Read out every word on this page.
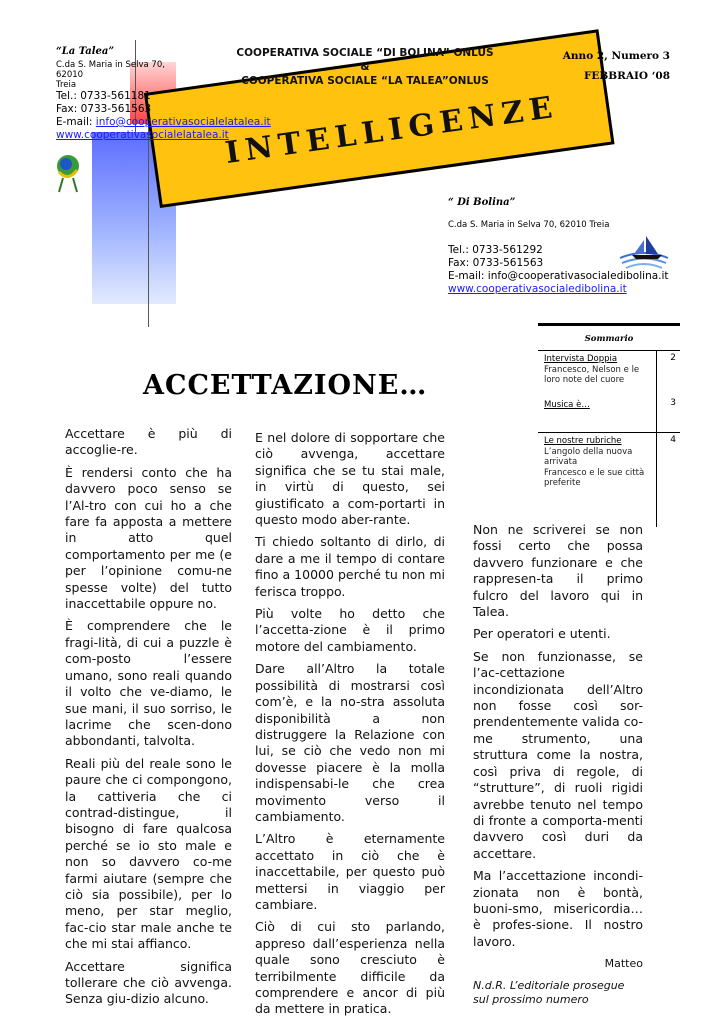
INTELLIGENZE
“La Talea”
C.da S. Maria in Selva 70, 62010
Treia
Tel.: 0733-561181
Fax: 0733-561563
E-mail: info@cooperativasocialelatalea.it
www.cooperativasocialelatalea.it
COOPERATIVA SOCIALE “DI BOLINA” ONLUS
&
COOPERATIVA SOCIALE “LA TALEA”ONLUS
Anno 2, Numero 3
FEBBRAIO ‘08
“ Di Bolina”
C.da S. Maria in Selva 70, 62010 Treia
Tel.: 0733-561292
Fax: 0733-561563
E-mail: info@cooperativasocialedibolina.it
www.cooperativasocialedibolina.it
Sommario
Intervista Doppia
Francesco, Nelson e le loro note del cuore
2
Musica è…	3
Le nostre rubriche
L’angolo della nuova arrivata
Francesco e le sue città preferite
4
ACCETTAZIONE…

Accettare è più di accoglie-re.

È rendersi conto che ha davvero poco senso se l’Al-tro con cui ho a che fare fa apposta a mettere in atto quel comportamento per me (e per l’opinione comu-ne spesse volte) del tutto inaccettabile oppure no.

È comprendere che le fragi-lità, di cui a puzzle è com-posto l’essere umano, sono reali quando il volto che ve-diamo, le sue mani, il suo sorriso, le lacrime che scen-dono abbondanti, talvolta.

Reali più del reale sono le paure che ci compongono, la cattiveria che ci contrad-distingue, il bisogno di fare qualcosa perché se io sto male e non so davvero co-me farmi aiutare (sempre che ciò sia possibile), per lo meno, per star meglio, fac-cio star male anche te che mi stai affianco.

Accettare significa tollerare che ciò avvenga. Senza giu-dizio alcuno.

E nel dolore di sopportare che ciò avvenga, accettare significa che se tu stai male, in virtù di questo, sei giustificato a com-portarti in questo modo aber-rante.

Ti chiedo soltanto di dirlo, di dare a me il tempo di contare fino a 10000 perché tu non mi ferisca troppo.

Più volte ho detto che l’accetta-zione è il primo motore del cambiamento.

Dare all’Altro la totale possibilità di mostrarsi così com’è, e la no-stra assoluta disponibilità a non distruggere la Relazione con lui, se ciò che vedo non mi dovesse piacere è la molla indispensabi-le che crea movimento verso il cambiamento.

L’Altro è eternamente accettato in ciò che è inaccettabile, per questo può mettersi in viaggio per cambiare.

Ciò di cui sto parlando, appreso dall’esperienza nella quale sono cresciuto è terribilmente difficile da comprendere e ancor di più da mettere in pratica.

Non ne scriverei se non fossi certo che possa davvero funzionare e che rappresen-ta il primo fulcro del lavoro qui in Talea.

Per operatori e utenti.

Se non funzionasse, se l’ac-cettazione incondizionata dell’Altro non fosse così sor-prendentemente valida co-me strumento, una struttura come la nostra, così priva di regole, di “strutture”, di ruoli rigidi avrebbe tenuto nel tempo di fronte a comporta-menti davvero così duri da accettare.

Ma l’accettazione incondi-zionata non è bontà, buoni-smo, misericordia… è profes-sione. Il nostro lavoro.

Matteo

N.d.R. L’editoriale prosegue sul prossimo numero
